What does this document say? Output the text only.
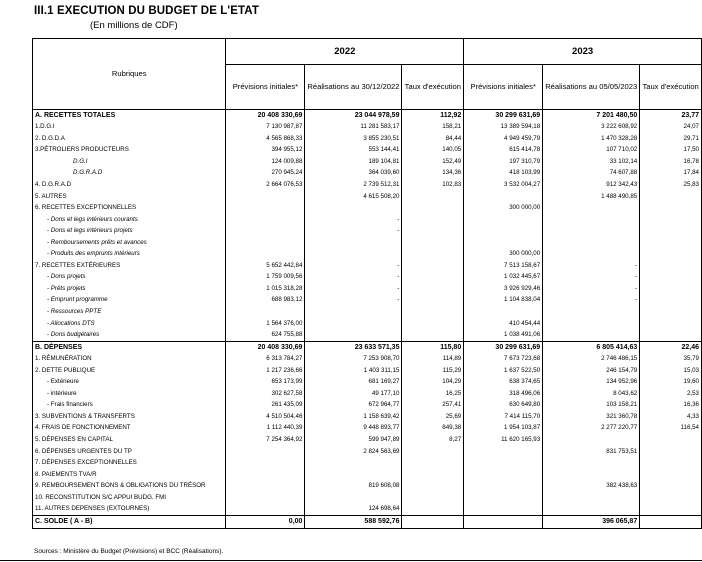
III.1 EXECUTION DU BUDGET DE L'ETAT
(En millions de CDF)
Rubriques	2022			2023		
	Prévisions initiales*	Réalisations au 30/12/2022	Taux d'exécution	Prévisions initiales*	Réalisations au 05/05/2023	Taux d'exécution
A. RECETTES TOTALES	20 408 330,69	23 044 978,59	112,92	30 299 631,69	7 201 480,50	23,77
1.D.G.I	7 130 987,87	11 281 583,17	158,21	13 389 594,18	3 222 608,92	24,07
2. D.G.D.A	4 565 868,33	3 855 230,51	84,44	4 949 459,79	1 470 328,28	29,71
3.PÉTROLIERS PRODUCTEURS	394 955,12	553 144,41	140,05	615 414,78	107 710,02	17,50
D.G.I	124 009,88	189 104,81	152,49	197 310,79	33 102,14	16,78
D.G.R.A.D	270 945,24	364 039,60	134,36	418 103,99	74 607,88	17,84
4. D.G.R.A.D	2 664 076,53	2 739 512,31	102,83	3 532 004,27	912 342,43	25,83
5. AUTRES		4 615 508,20			1 488 490,85	
6. RECETTES EXCEPTIONNELLES				300 000,00		
- Dons et legs intérieurs courants		-				
- Dons et legs intérieurs projets		-				
- Remboursements prêts et avances						
- Produits des emprunts intérieurs				300 000,00		
7. RECETTES EXTÉRIEURES	5 652 442,84	-		7 513 158,67	-	
- Dons projets	1 759 009,56	-		1 032 445,67	-	
- Prêts projets	1 015 318,28	-		3 926 929,46	-	
- Emprunt programme	688 983,12	-		1 104 838,04	-	
- Ressources PPTE						
- Allocations DTS	1 564 376,00			410 454,44		
- Dons budgétaires	624 755,88			1 038 491,06		
B. DÉPENSES	20 408 330,69	23 633 571,35	115,80	30 299 631,69	6 805 414,63	22,46
1. RÉMUNÉRATION	6 313 784,27	7 253 908,70	114,89	7 673 723,68	2 746 486,15	35,79
2. DETTE PUBLIQUE	1 217 236,66	1 403 311,15	115,29	1 637 522,50	246 154,79	15,03
- Extérieure	653 173,99	681 169,27	104,29	638 374,65	134 952,96	19,60
- intérieure	302 627,58	49 177,10	16,25	318 496,06	8 043,62	2,53
- Frais financiers	261 435,09	672 964,77	257,41	630 649,80	103 158,21	16,36
3. SUBVENTIONS & TRANSFERTS	4 510 504,46	1 158 639,42	25,69	7 414 115,70	321 360,78	4,33
4. FRAIS DE FONCTIONNEMENT	1 112 440,39	9 448 893,77	849,38	1 954 103,87	2 277 220,77	116,54
5. DÉPENSES EN CAPITAL	7 254 364,92	599 947,89	8,27	11 620 165,93		
6. DÉPENSES URGENTES DU TP		2 824 563,69			831 753,51	
7. DÉPENSES EXCEPTIONNELLES						
8. PAIEMENTS TVA/R						
9. REMBOURSEMENT BONS & OBLIGATIONS DU TRÉSOR		819 608,08			382 438,63	
10. RECONSTITUTION S/C APPUI BUDG. FMI						
11. AUTRES DEPENSES (EXTOURNES)		124 698,64				
C. SOLDE ( A - B)	0,00	588 592,76			396 065,87	
Sources : Ministère du Budget (Prévisions) et BCC (Réalisations).
